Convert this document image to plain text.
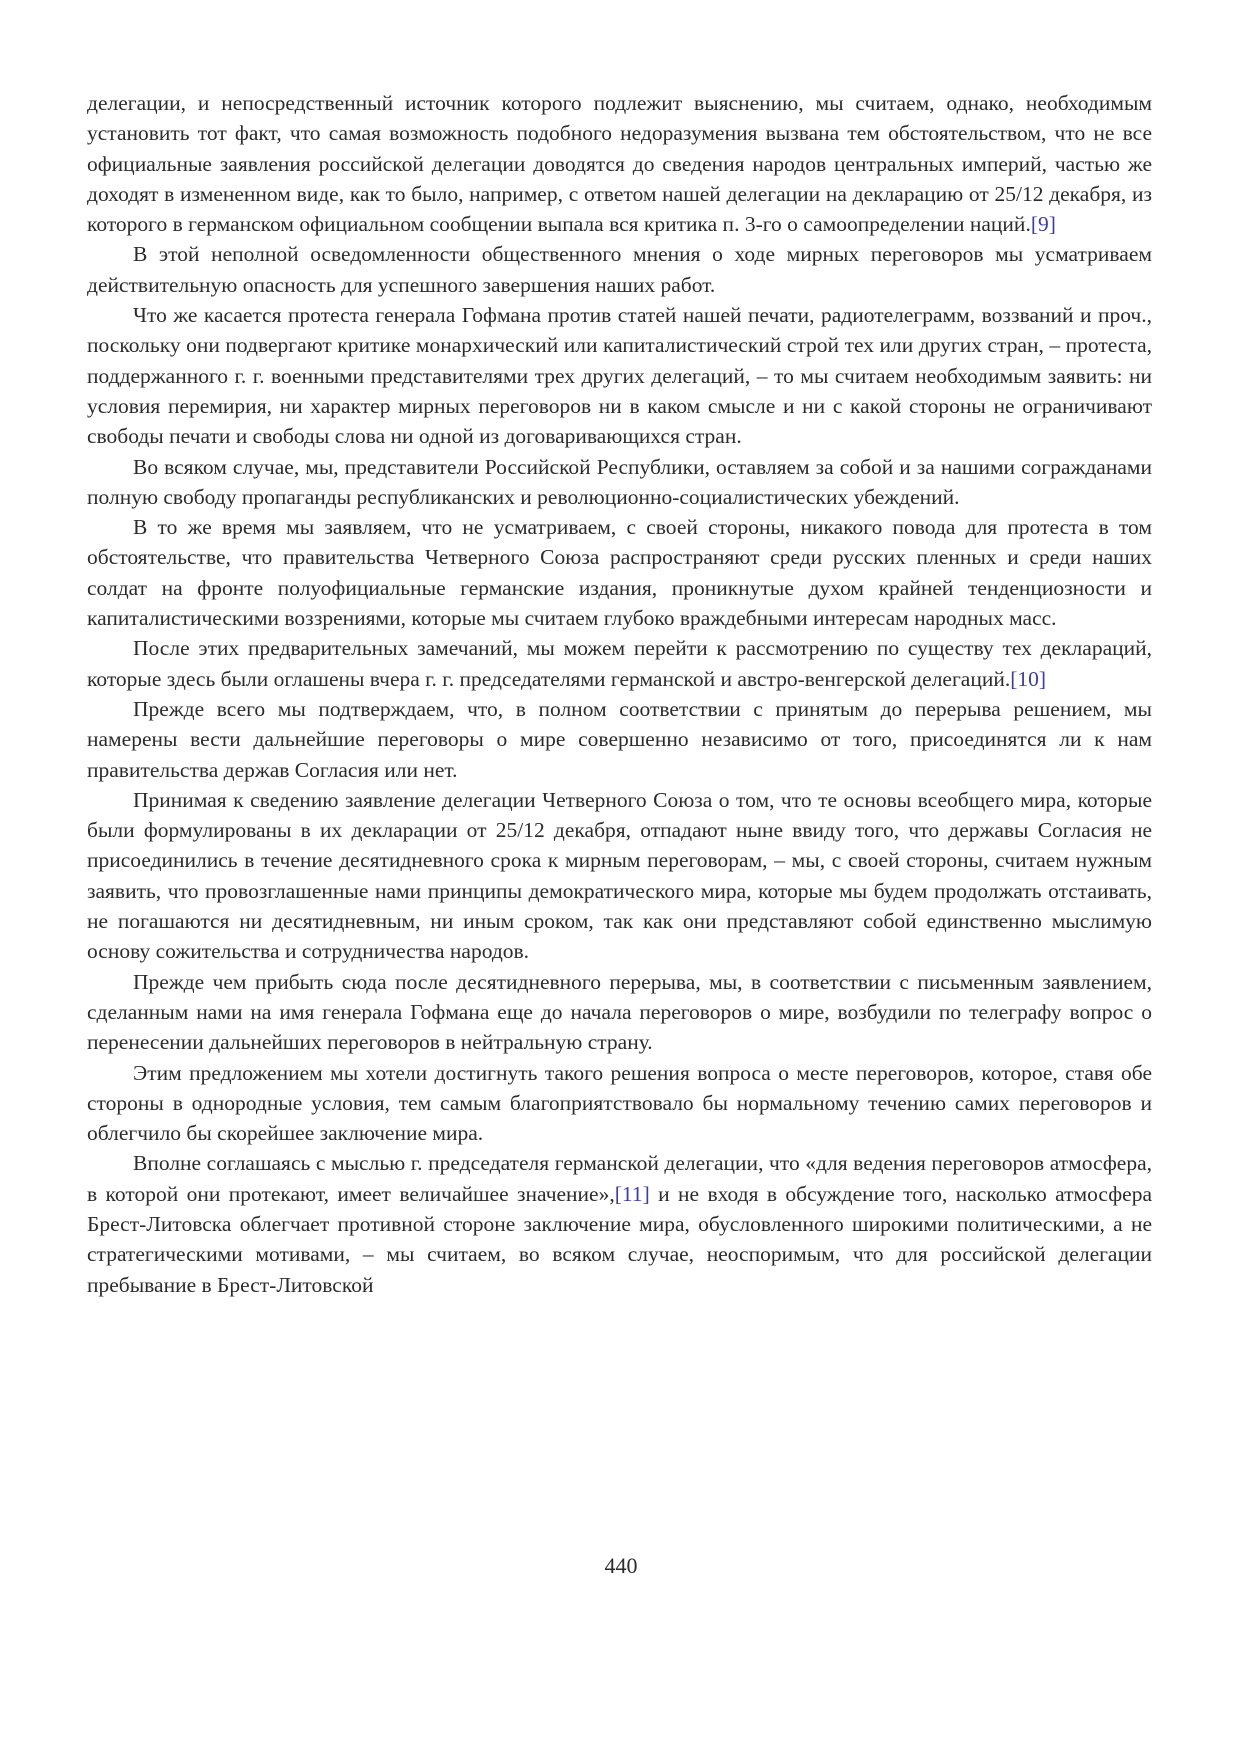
делегации, и непосредственный источник которого подлежит выяснению, мы считаем, однако, необходимым установить тот факт, что самая возможность подобного недоразумения вызвана тем обстоятельством, что не все официальные заявления российской делегации доводятся до сведения народов центральных империй, частью же доходят в измененном виде, как то было, например, с ответом нашей делегации на декларацию от 25/12 декабря, из которого в германском официальном сообщении выпала вся критика п. 3-го о самоопределении наций.[9]

В этой неполной осведомленности общественного мнения о ходе мирных переговоров мы усматриваем действительную опасность для успешного завершения наших работ.

Что же касается протеста генерала Гофмана против статей нашей печати, радиотелеграмм, воззваний и проч., поскольку они подвергают критике монархический или капиталистический строй тех или других стран, – протеста, поддержанного г. г. военными представителями трех других делегаций, – то мы считаем необходимым заявить: ни условия перемирия, ни характер мирных переговоров ни в каком смысле и ни с какой стороны не ограничивают свободы печати и свободы слова ни одной из договаривающихся стран.

Во всяком случае, мы, представители Российской Республики, оставляем за собой и за нашими согражданами полную свободу пропаганды республиканских и революционно-социалистических убеждений.

В то же время мы заявляем, что не усматриваем, с своей стороны, никакого повода для протеста в том обстоятельстве, что правительства Четверного Союза распространяют среди русских пленных и среди наших солдат на фронте полуофициальные германские издания, проникнутые духом крайней тенденциозности и капиталистическими воззрениями, которые мы считаем глубоко враждебными интересам народных масс.

После этих предварительных замечаний, мы можем перейти к рассмотрению по существу тех деклараций, которые здесь были оглашены вчера г. г. председателями германской и австро-венгерской делегаций.[10]

Прежде всего мы подтверждаем, что, в полном соответствии с принятым до перерыва решением, мы намерены вести дальнейшие переговоры о мире совершенно независимо от того, присоединятся ли к нам правительства держав Согласия или нет.

Принимая к сведению заявление делегации Четверного Союза о том, что те основы всеобщего мира, которые были формулированы в их декларации от 25/12 декабря, отпадают ныне ввиду того, что державы Согласия не присоединились в течение десятидневного срока к мирным переговорам, – мы, с своей стороны, считаем нужным заявить, что провозглашенные нами принципы демократического мира, которые мы будем продолжать отстаивать, не погашаются ни десятидневным, ни иным сроком, так как они представляют собой единственно мыслимую основу сожительства и сотрудничества народов.

Прежде чем прибыть сюда после десятидневного перерыва, мы, в соответствии с письменным заявлением, сделанным нами на имя генерала Гофмана еще до начала переговоров о мире, возбудили по телеграфу вопрос о перенесении дальнейших переговоров в нейтральную страну.

Этим предложением мы хотели достигнуть такого решения вопроса о месте переговоров, которое, ставя обе стороны в однородные условия, тем самым благоприятствовало бы нормальному течению самих переговоров и облегчило бы скорейшее заключение мира.

Вполне соглашаясь с мыслью г. председателя германской делегации, что «для ведения переговоров атмосфера, в которой они протекают, имеет величайшее значение»,[11] и не входя в обсуждение того, насколько атмосфера Брест-Литовска облегчает противной стороне заключение мира, обусловленного широкими политическими, а не стратегическими мотивами, – мы считаем, во всяком случае, неоспоримым, что для российской делегации пребывание в Брест-Литовской

440
